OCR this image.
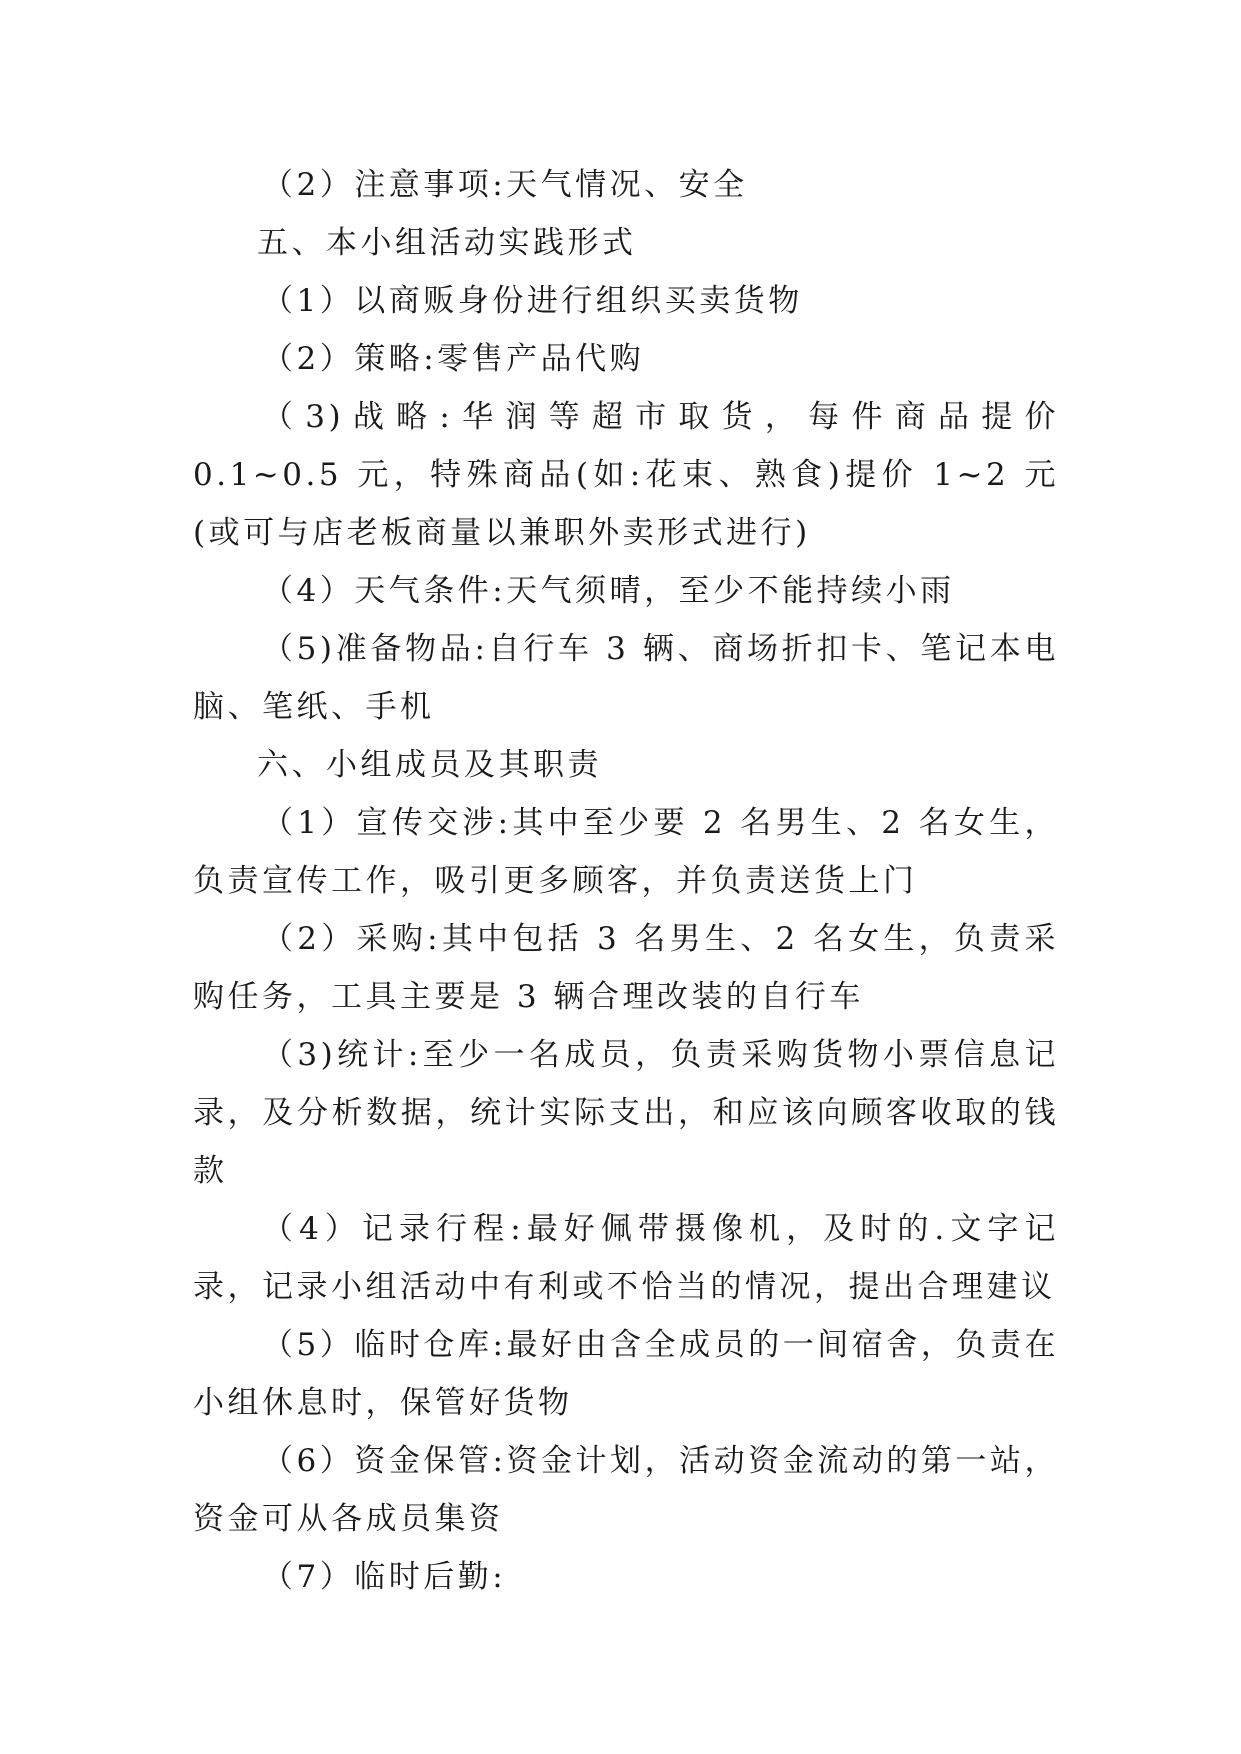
（2）注意事项:天气情况、安全

五、本小组活动实践形式

（1）以商贩身份进行组织买卖货物

（2）策略:零售产品代购

（3)战略:华润等超市取货，每件商品提价 0.1~0.5 元，特殊商品(如:花束、熟食)提价 1~2 元(或可与店老板商量以兼职外卖形式进行)

（4）天气条件:天气须晴，至少不能持续小雨

（5)准备物品:自行车 3 辆、商场折扣卡、笔记本电脑、笔纸、手机

六、小组成员及其职责

（1）宣传交涉:其中至少要 2 名男生、2 名女生，负责宣传工作，吸引更多顾客，并负责送货上门

（2）采购:其中包括 3 名男生、2 名女生，负责采购任务，工具主要是 3 辆合理改装的自行车

（3)统计:至少一名成员，负责采购货物小票信息记录，及分析数据，统计实际支出，和应该向顾客收取的钱款

（4）记录行程:最好佩带摄像机，及时的.文字记录，记录小组活动中有利或不恰当的情况，提出合理建议

（5）临时仓库:最好由含全成员的一间宿舍，负责在小组休息时，保管好货物

（6）资金保管:资金计划，活动资金流动的第一站，资金可从各成员集资

（7）临时后勤:
